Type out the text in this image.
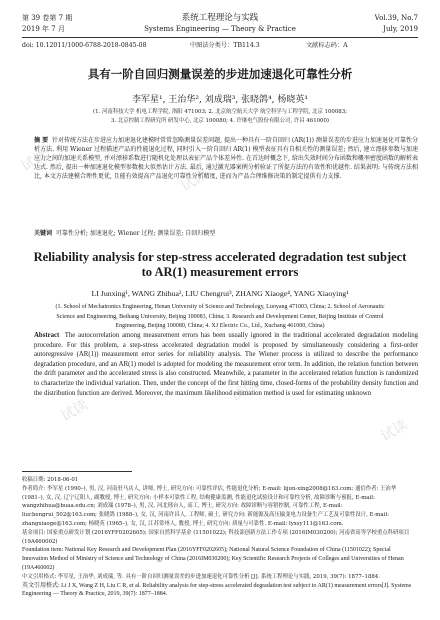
第 39 卷第 7 期	系统工程理论与实践	Vol.39, No.7
2019 年 7 月	Systems Engineering — Theory & Practice	July, 2019
doi: 10.12011/1000-6788-2018-0845-08	中图法分类号：TB114.3	文献标志码：A
具有一阶自回归测量误差的步进加速退化可靠性分析
李军星¹, 王治华², 刘成瑞³, 张晓鸽⁴, 杨晓英¹
(1. 河南科技大学 机电工程学院, 洛阳 471003; 2. 北京航空航天大学 航空科学与工程学院, 北京 100083;
3. 北京控制工程研究所 研发中心, 北京 100080; 4. 许继电气股份有限公司, 许昌 461000)
摘 要 针对传统方法在步进应力加速退化建模时常常忽略测量误差问题, 提出一种具有一阶自回归 (AR(1)) 测量误差的步进应力加速退化可靠性分析方法. 利用 Wiener 过程描述产品的性能退化过程, 同时引入一阶自回归 AR(1) 模型表征具有自相关性的测量误差; 然后, 建立漂移参数与加速应力之间的加速关系模型, 并对漂移系数进行随机化处理以表征产品个体差异性. 在首达时概念下, 给出失效时间分布函数和概率密度函数的解析表达式. 然后, 提出一种加速退化模型参数极大似然估计方法. 最后, 通过激光器案例分析验证了所提方法的有效性和优越性. 结果表明: 与传统方法相比, 本文方法建模合理性更优, 且能有效提高产品退化可靠性分析精度, 进而为产品合理维修决策的制定提供有力支撑.
关键词 可靠性分析; 加速退化; Wiener 过程; 测量误差; 自回归模型
Reliability analysis for step-stress accelerated degradation test subject to AR(1) measurement errors
LI Junxing¹, WANG Zhihua², LIU Chengrui³, ZHANG Xiaoge⁴, YANG Xiaoying¹
(1. School of Mechatronics Engineering, Henan University of Science and Technology, Luoyang 471003, China; 2. School of Aeronautic Science and Engineering, Beihang University, Beijing 100083, China; 3. Research and Development Center, Beijing Institute of Control Engineering, Beijing 100080, China; 4. XJ Electric Co., Ltd., Xuchang 461000, China)
Abstract The autocorrelation among measurement errors has been usually ignored in the traditional accelerated degradation modeling procedure. For this problem, a step-stress accelerated degradation model is proposed by simultaneously considering a first-order autoregressive (AR(1)) measurement error series for reliability analysis. The Wiener process is utilized to describe the performance degradation procedure, and an AR(1) model is adopted for modeling the measurement error term. In addition, the relation function between the drift parameter and the accelerated stress is also constructed. Meanwhile, a parameter in the accelerated relation function is randomized to characterize the individual variation. Then, under the concept of the first hitting time, closed-forms of the probability density function and the distribution function are derived. Moreover, the maximum likelihood estimation method is used for estimating unknown
收稿日期: 2018-06-01
作者简介: 李军星 (1990–), 男, 汉, 河南驻马店人, 讲师, 博士, 研究方向: 可靠性评估, 性能退化分析; E-mail: lijun-xing2008@163.com; 通信作者: 王治华 (1981–), 女, 汉, 辽宁辽阳人, 副教授, 博士, 研究方向: 小样本可靠性工程, 结构健康监测, 性能退化试验设计和可靠性分析, 故障诊断与预报, E-mail: wangzhihua@buaa.edu.cn; 刘成瑞 (1978–), 男, 汉, 河北邢台人, 高工, 博士, 研究方向: 故障诊断与容错控制, 可靠性工程, E-mail: liuchengrui_502@163.com; 张晓鸽 (1988–), 女, 汉, 河南许昌人, 工程师, 硕士, 研究方向: 新能源及高压输变电力设备生产工艺及可靠性设计, E-mail: zhangxiaoge@163.com; 杨晓英 (1965–), 女, 汉, 江苏常州人, 教授, 博士, 研究方向: 质量与可靠性. E-mail: lyxsy111@163.com.
基金项目: 国家重点研发计划 (2016YFF0202605); 国家自然科学基金 (11501022); 科技部创新方法工作专项 (2016IM030200); 河南省高等学校重点科研项目 (19A460002)
Foundation item: National Key Research and Development Plan (2016YFF0202605); National Natural Science Foundation of China (11501022); Special Innovation Method of Ministry of Science and Technology of China (2016IM030200); Key Scientific Research Projects of Colleges and Universities of Henan (19A460002)
中文引用格式: 李军星, 王治华, 刘成瑞, 等. 具有一阶自回归测量误差的步进加速退化可靠性分析 [J]. 系统工程理论与实践, 2019, 39(7): 1877–1884.
英文引用格式: Li J X, Wang Z H, Liu C R, et al. Reliability analysis for step-stress accelerated degradation test subject to AR(1) measurement errors[J]. Systems Engineering — Theory & Practice, 2019, 39(7): 1877–1884.
试读
试读
试读
试读
试读
试读
